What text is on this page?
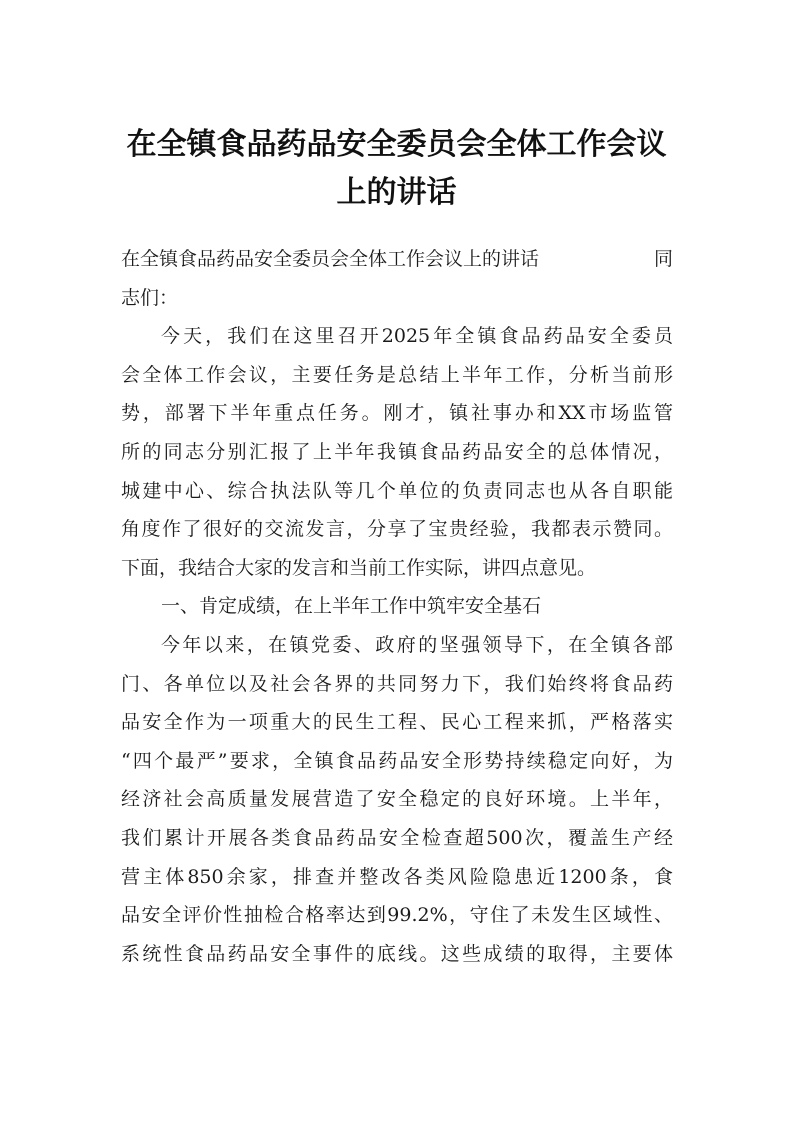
在全镇食品药品安全委员会全体工作会议
上的讲话
在全镇食品药品安全委员会全体工作会议上的讲话	同
志们：
今天，我们在这里召开2025年全镇食品药品安全委员
会全体工作会议，主要任务是总结上半年工作，分析当前形
势，部署下半年重点任务。刚才，镇社事办和XX市场监管
所的同志分别汇报了上半年我镇食品药品安全的总体情况，
城建中心、综合执法队等几个单位的负责同志也从各自职能
角度作了很好的交流发言，分享了宝贵经验，我都表示赞同。
下面，我结合大家的发言和当前工作实际，讲四点意见。
一、肯定成绩，在上半年工作中筑牢安全基石
今年以来，在镇党委、政府的坚强领导下，在全镇各部
门、各单位以及社会各界的共同努力下，我们始终将食品药
品安全作为一项重大的民生工程、民心工程来抓，严格落实
“四个最严”要求，全镇食品药品安全形势持续稳定向好，为
经济社会高质量发展营造了安全稳定的良好环境。上半年，
我们累计开展各类食品药品安全检查超500次，覆盖生产经
营主体850余家，排查并整改各类风险隐患近1200条，食
品安全评价性抽检合格率达到99.2%，守住了未发生区域性、
系统性食品药品安全事件的底线。这些成绩的取得，主要体
